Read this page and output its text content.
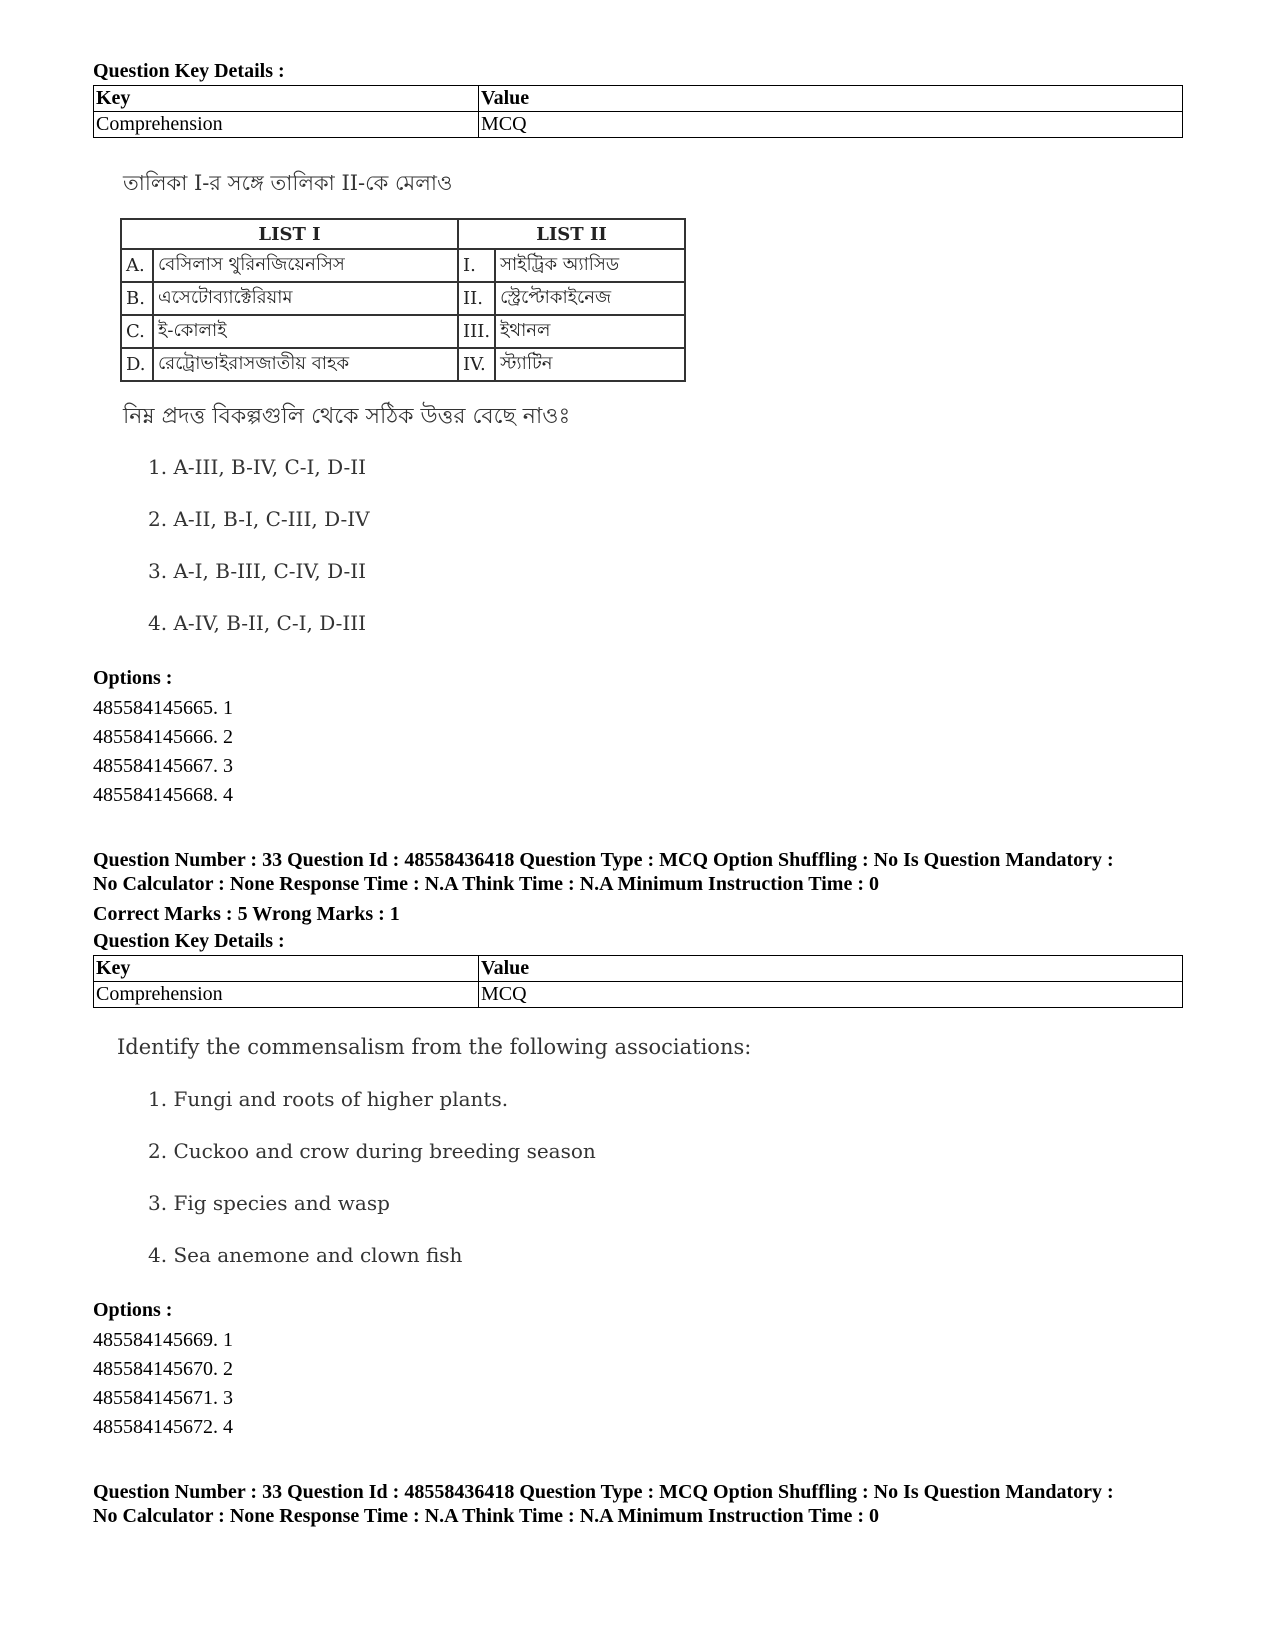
Question Key Details :
Key	Value
Comprehension	MCQ
তালিকা I-র সঙ্গে তালিকা II-কে মেলাও
LIST I		LIST II	
A.	বেসিলাস থুরিনজিয়েনসিস	I.	সাইট্রিক অ্যাসিড
B.	এসেটোব্যাক্টেরিয়াম	II.	স্ট্রেপ্টোকাইনেজ
C.	ই-কোলাই	III.	ইথানল
D.	রেট্রোভাইরাসজাতীয় বাহক	IV.	স্ট্যাটিন
নিম্ন প্রদত্ত বিকল্পগুলি থেকে সঠিক উত্তর বেছে নাওঃ
1. A-III, B-IV, C-I, D-II
2. A-II, B-I, C-III, D-IV
3. A-I, B-III, C-IV, D-II
4. A-IV, B-II, C-I, D-III
Options :
485584145665. 1
485584145666. 2
485584145667. 3
485584145668. 4
Question Number : 33 Question Id : 48558436418 Question Type : MCQ Option Shuffling : No Is Question Mandatory :
No Calculator : None Response Time : N.A Think Time : N.A Minimum Instruction Time : 0
Correct Marks : 5 Wrong Marks : 1
Question Key Details :
Key	Value
Comprehension	MCQ
Identify the commensalism from the following associations:
1. Fungi and roots of higher plants.
2. Cuckoo and crow during breeding season
3. Fig species and wasp
4. Sea anemone and clown fish
Options :
485584145669. 1
485584145670. 2
485584145671. 3
485584145672. 4
Question Number : 33 Question Id : 48558436418 Question Type : MCQ Option Shuffling : No Is Question Mandatory :
No Calculator : None Response Time : N.A Think Time : N.A Minimum Instruction Time : 0
